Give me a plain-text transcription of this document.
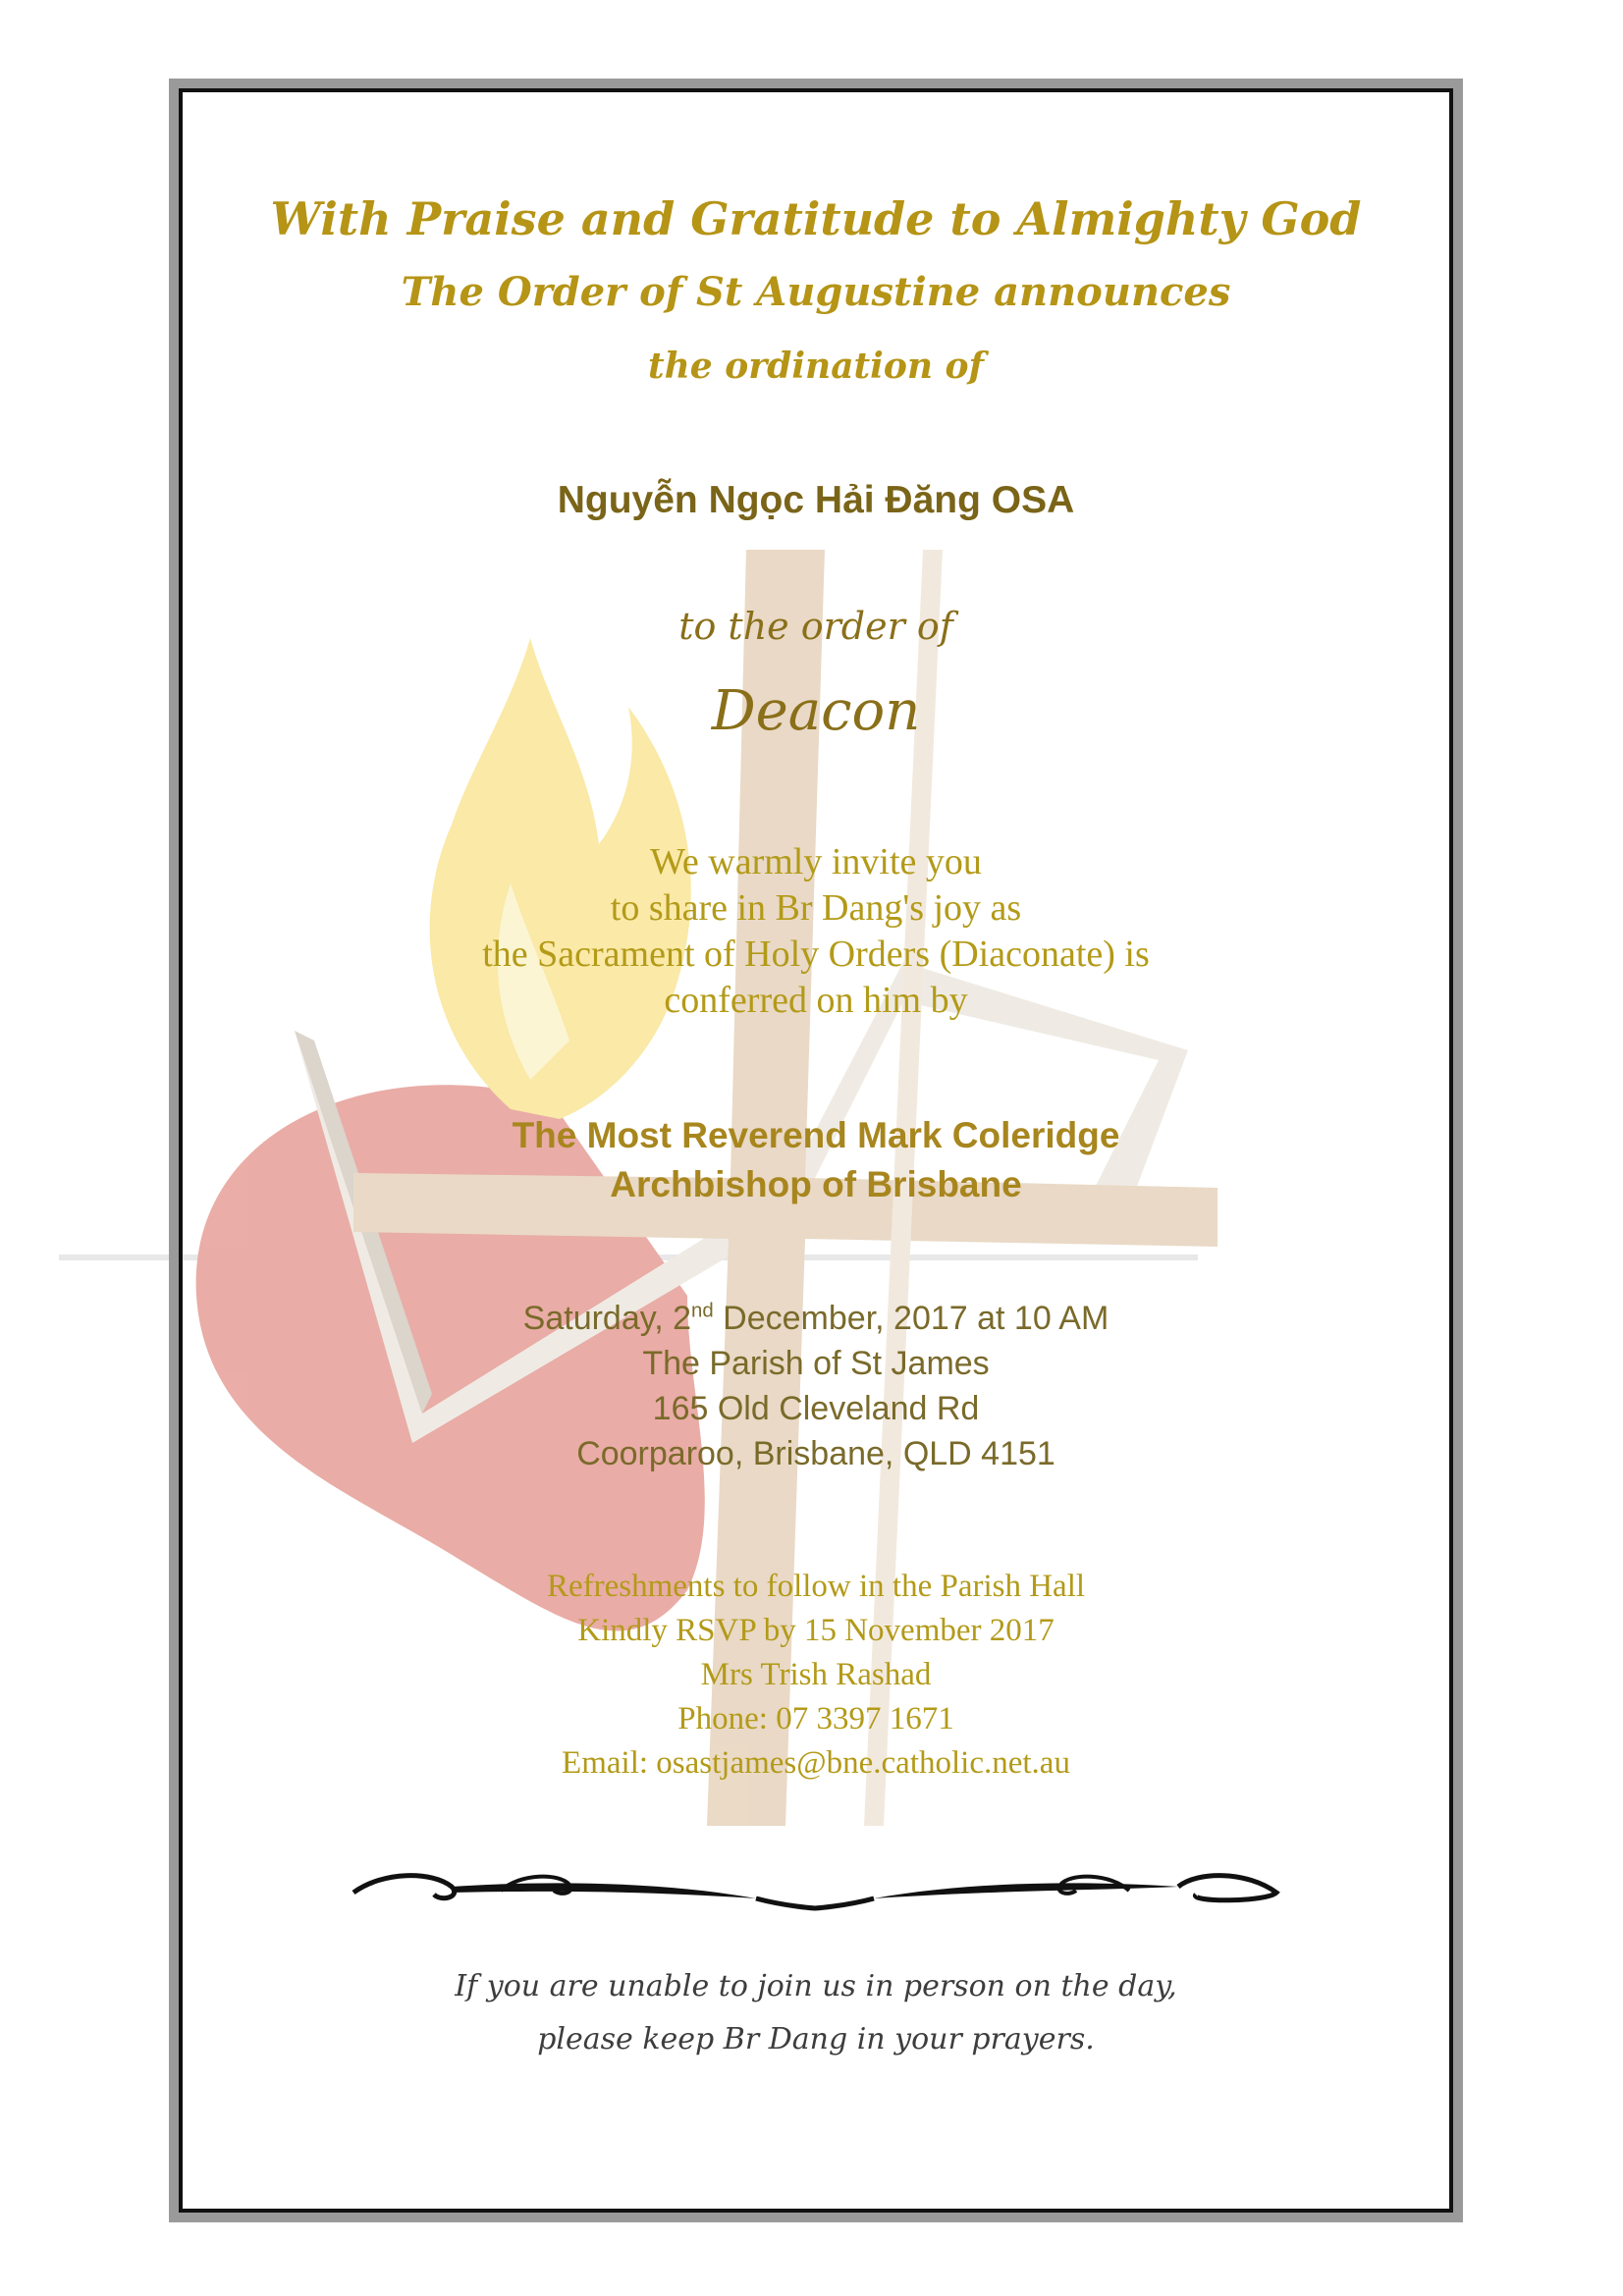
With Praise and Gratitude to Almighty God

The Order of St Augustine announces

the ordination of

Nguyễn Ngọc Hải Đăng OSA

to the order of

Deacon

We warmly invite you

to share in Br Dang's joy as

the Sacrament of Holy Orders (Diaconate) is

conferred on him by

The Most Reverend Mark Coleridge

Archbishop of Brisbane

Saturday, 2nd December, 2017 at 10 AM

The Parish of St James

165 Old Cleveland Rd

Coorparoo, Brisbane, QLD 4151

Refreshments to follow in the Parish Hall

Kindly RSVP by 15 November 2017

Mrs Trish Rashad

Phone: 07 3397 1671

Email: osastjames@bne.catholic.net.au

If you are unable to join us in person on the day,

please keep Br Dang in your prayers.
